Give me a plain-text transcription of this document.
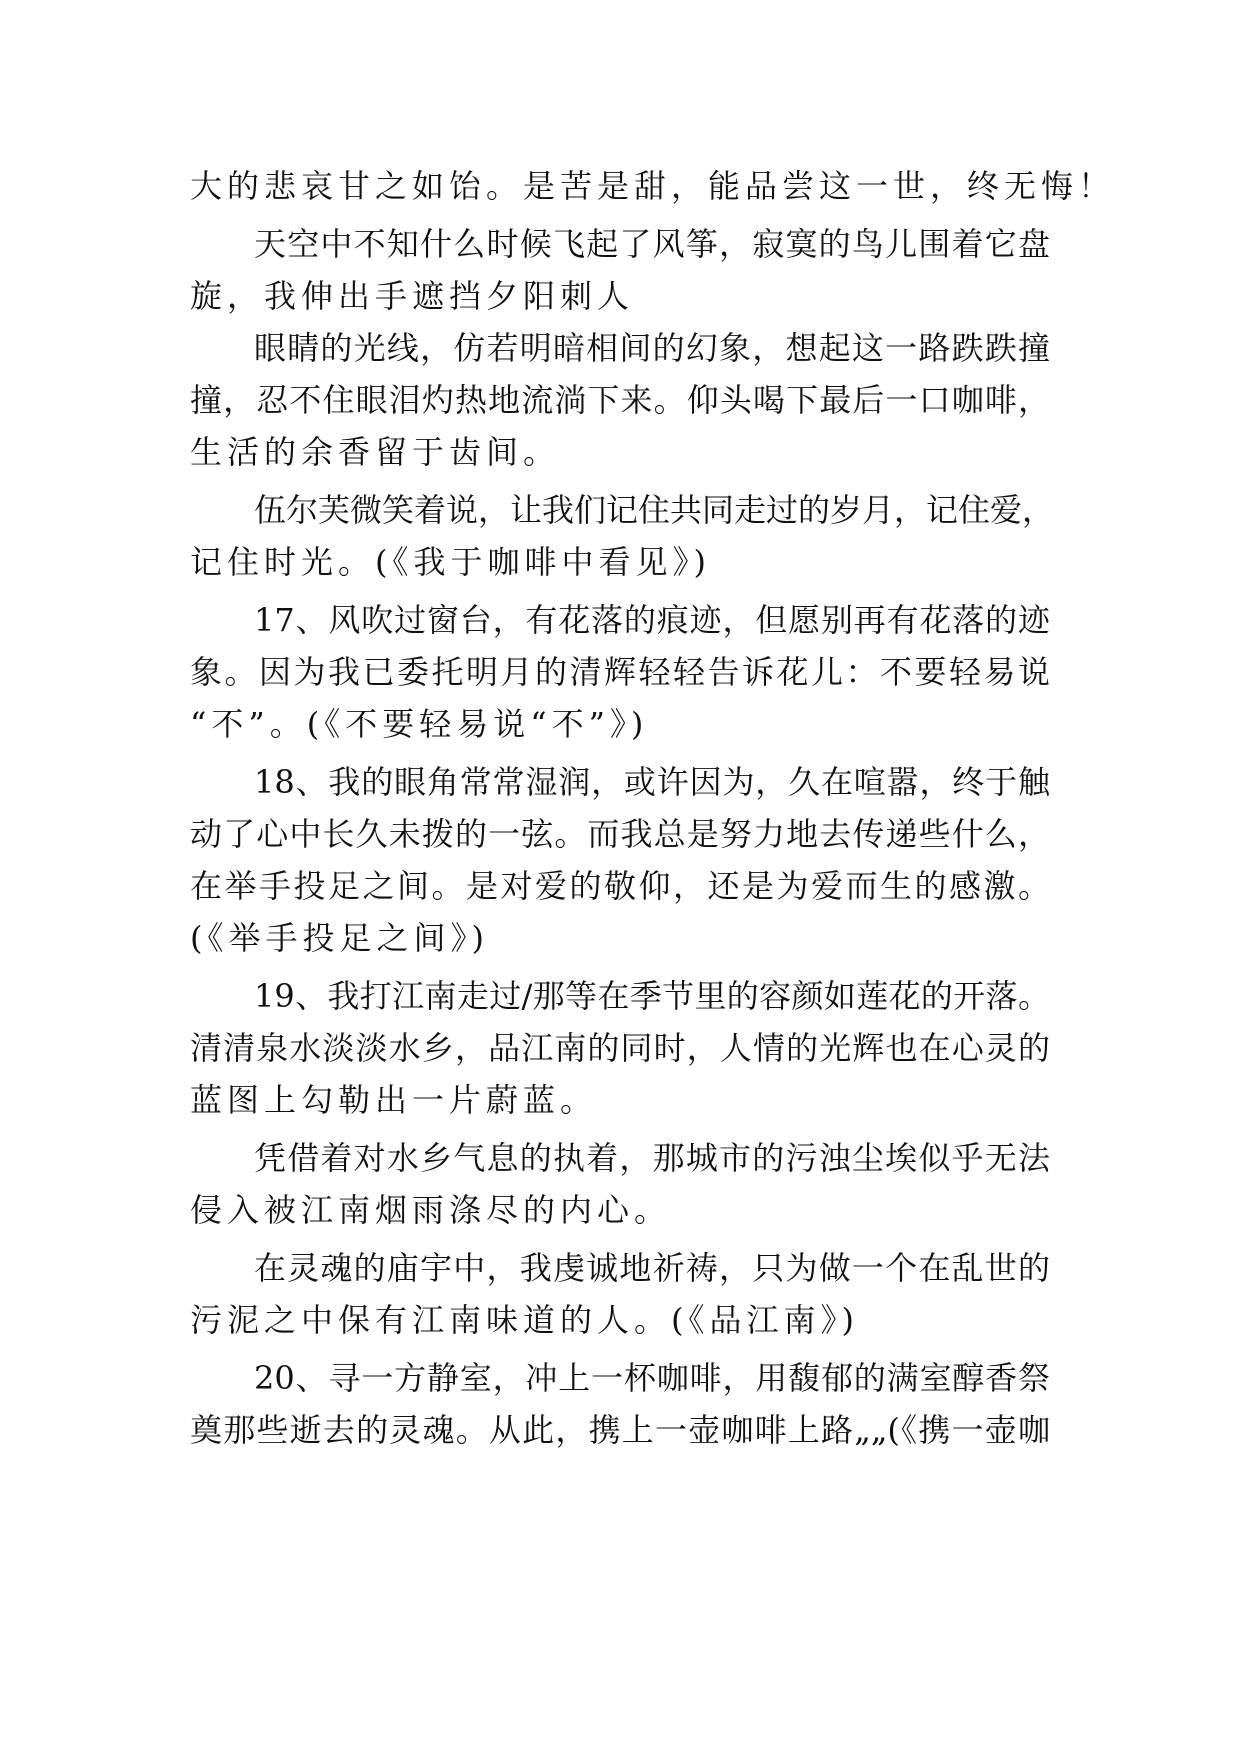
大的悲哀甘之如饴。是苦是甜，能品尝这一世，终无悔！
天空中不知什么时候飞起了风筝，寂寞的鸟儿围着它盘
旋，我伸出手遮挡夕阳刺人
眼睛的光线，仿若明暗相间的幻象，想起这一路跌跌撞
撞，忍不住眼泪灼热地流淌下来。仰头喝下最后一口咖啡，
生活的余香留于齿间。
伍尔芙微笑着说，让我们记住共同走过的岁月，记住爱，
记住时光。(《我于咖啡中看见》)
17、风吹过窗台，有花落的痕迹，但愿别再有花落的迹
象。因为我已委托明月的清辉轻轻告诉花儿：不要轻易说
“不”。(《不要轻易说“不”》)
18、我的眼角常常湿润，或许因为，久在喧嚣，终于触
动了心中长久未拨的一弦。而我总是努力地去传递些什么，
在举手投足之间。是对爱的敬仰，还是为爱而生的感激。
(《举手投足之间》)
19、我打江南走过/那等在季节里的容颜如莲花的开落。
清清泉水淡淡水乡，品江南的同时，人情的光辉也在心灵的
蓝图上勾勒出一片蔚蓝。
凭借着对水乡气息的执着，那城市的污浊尘埃似乎无法
侵入被江南烟雨涤尽的内心。
在灵魂的庙宇中，我虔诚地祈祷，只为做一个在乱世的
污泥之中保有江南味道的人。(《品江南》)
20、寻一方静室，冲上一杯咖啡，用馥郁的满室醇香祭
奠那些逝去的灵魂。从此，携上一壶咖啡上路„„(《携一壶咖
